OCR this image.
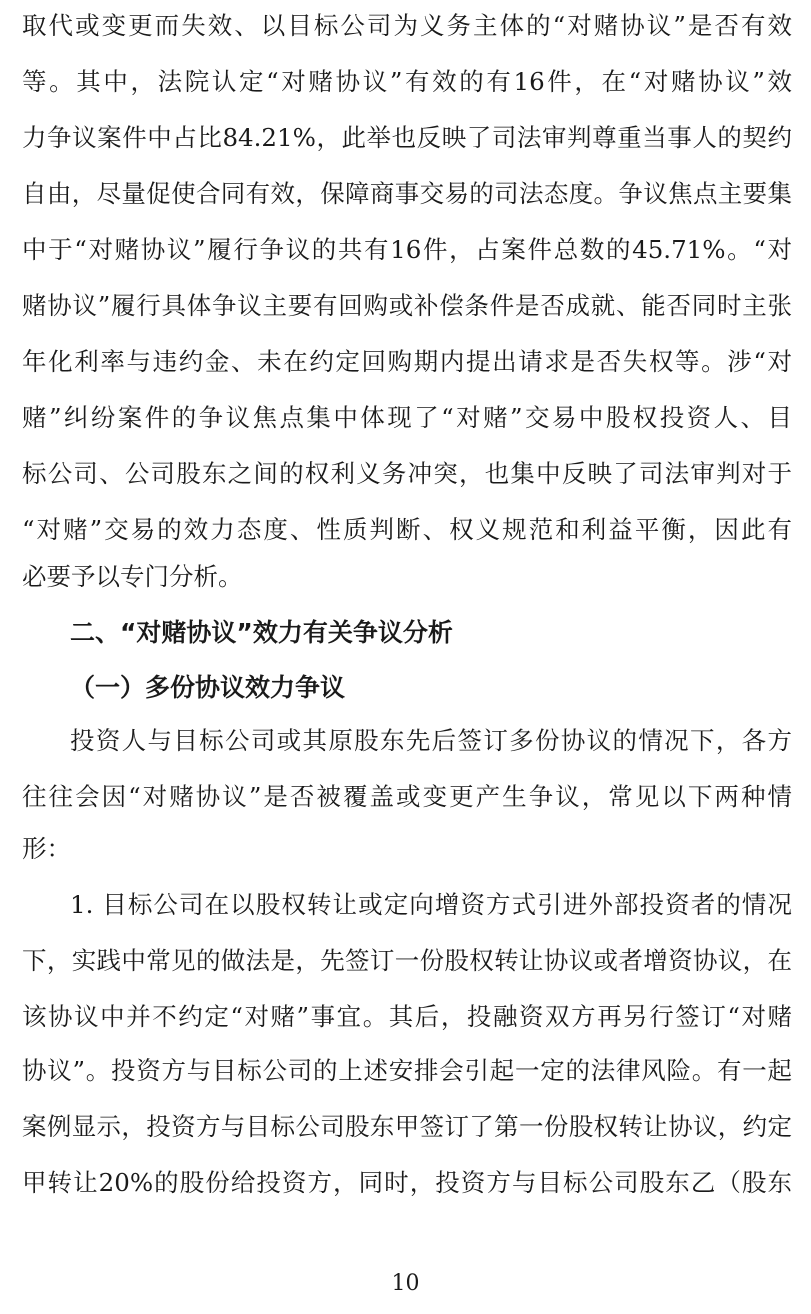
取代或变更而失效、以目标公司为义务主体的“对赌协议”是否有效
等。其中，法院认定“对赌协议”有效的有16件，在“对赌协议”效
力争议案件中占比84.21%，此举也反映了司法审判尊重当事人的契约
自由，尽量促使合同有效，保障商事交易的司法态度。争议焦点主要集
中于“对赌协议”履行争议的共有16件，占案件总数的45.71%。“对
赌协议”履行具体争议主要有回购或补偿条件是否成就、能否同时主张
年化利率与违约金、未在约定回购期内提出请求是否失权等。涉“对
赌”纠纷案件的争议焦点集中体现了“对赌”交易中股权投资人、目
标公司、公司股东之间的权利义务冲突，也集中反映了司法审判对于
“对赌”交易的效力态度、性质判断、权义规范和利益平衡，因此有
必要予以专门分析。
二、“对赌协议”效力有关争议分析
（一）多份协议效力争议
投资人与目标公司或其原股东先后签订多份协议的情况下，各方
往往会因“对赌协议”是否被覆盖或变更产生争议，常见以下两种情
形：
1. 目标公司在以股权转让或定向增资方式引进外部投资者的情况
下，实践中常见的做法是，先签订一份股权转让协议或者增资协议，在
该协议中并不约定“对赌”事宜。其后，投融资双方再另行签订“对赌
协议”。投资方与目标公司的上述安排会引起一定的法律风险。有一起
案例显示，投资方与目标公司股东甲签订了第一份股权转让协议，约定
甲转让20%的股份给投资方，同时，投资方与目标公司股东乙（股东
10
